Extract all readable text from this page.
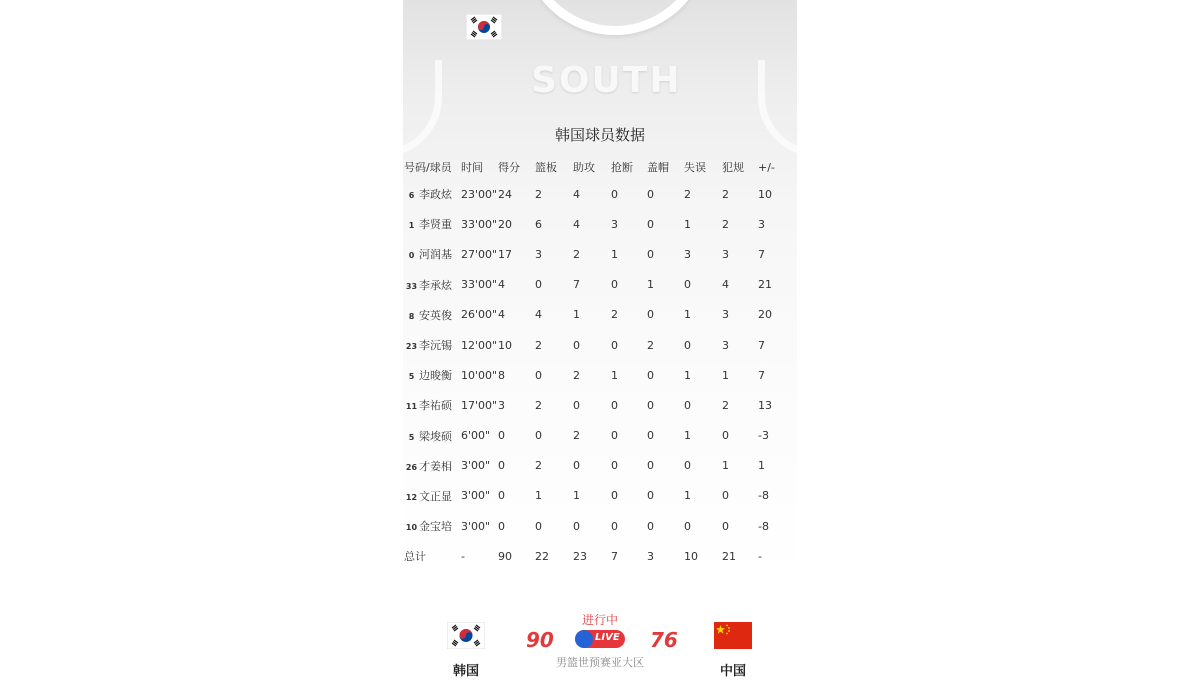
SOUTH
韩国球员数据
号码/球员	时间	得分	篮板	助攻	抢断	盖帽	失误	犯规	+/-
6 李政炫	23'00"	24	2	4	0	0	2	2	10
1 李贤重	33'00"	20	6	4	3	0	1	2	3
0 河润基	27'00"	17	3	2	1	0	3	3	7
33 李承炫	33'00"	4	0	7	0	1	0	4	21
8 安英俊	26'00"	4	4	1	2	0	1	3	20
23 李沅锡	12'00"	10	2	0	0	2	0	3	7
5 边晙衡	10'00"	8	0	2	1	0	1	1	7
11 李祐硕	17'00"	3	2	0	0	0	0	2	13
5 梁埈硕	6'00"	0	0	2	0	0	1	0	-3
26 才姜相	3'00"	0	2	0	0	0	0	1	1
12 文正显	3'00"	0	1	1	0	0	1	0	-8
10 金宝培	3'00"	0	0	0	0	0	0	0	-8
总计	-	90	22	23	7	3	10	21	-
韩国
90
进行中
LIVE
男篮世预赛亚大区
76
中国
